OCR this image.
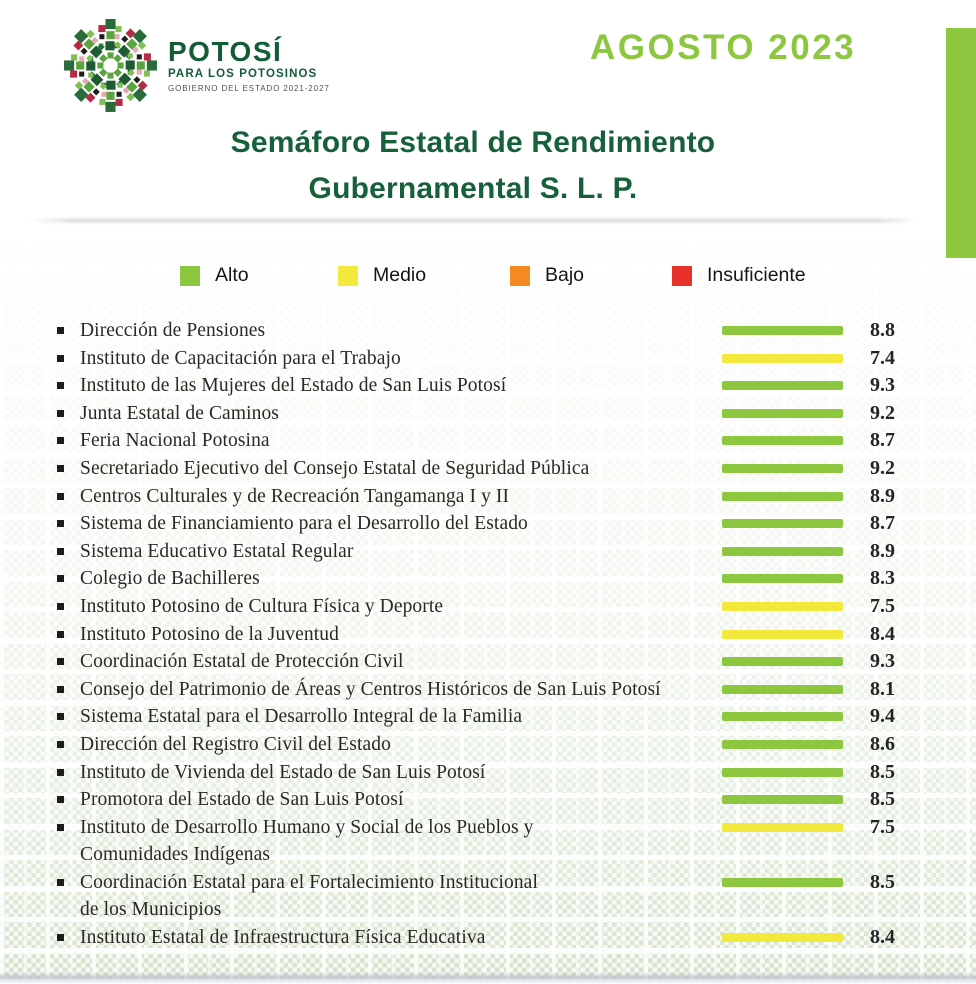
POTOSÍ
PARA LOS POTOSINOS
GOBIERNO DEL ESTADO 2021-2027
AGOSTO 2023
Semáforo Estatal de Rendimiento
Gubernamental S. L. P.
Alto	Medio	Bajo	Insuficiente
Dirección de Pensiones	8.8
Instituto de Capacitación para el Trabajo	7.4
Instituto de las Mujeres del Estado de San Luis Potosí	9.3
Junta Estatal de Caminos	9.2
Feria Nacional Potosina	8.7
Secretariado Ejecutivo del Consejo Estatal de Seguridad Pública	9.2
Centros Culturales y de Recreación Tangamanga I y II	8.9
Sistema de Financiamiento para el Desarrollo del Estado	8.7
Sistema Educativo Estatal Regular	8.9
Colegio de Bachilleres	8.3
Instituto Potosino de Cultura Física y Deporte	7.5
Instituto Potosino de la Juventud	8.4
Coordinación Estatal de Protección Civil	9.3
Consejo del Patrimonio de Áreas y Centros Históricos de San Luis Potosí	8.1
Sistema Estatal para el Desarrollo Integral de la Familia	9.4
Dirección del Registro Civil del Estado	8.6
Instituto de Vivienda del Estado de San Luis Potosí	8.5
Promotora del Estado de San Luis Potosí	8.5
Instituto de Desarrollo Humano y Social de los Pueblos y
Comunidades Indígenas
7.5
Coordinación Estatal para el Fortalecimiento Institucional
de los Municipios
8.5
Instituto Estatal de Infraestructura Física Educativa	8.4
